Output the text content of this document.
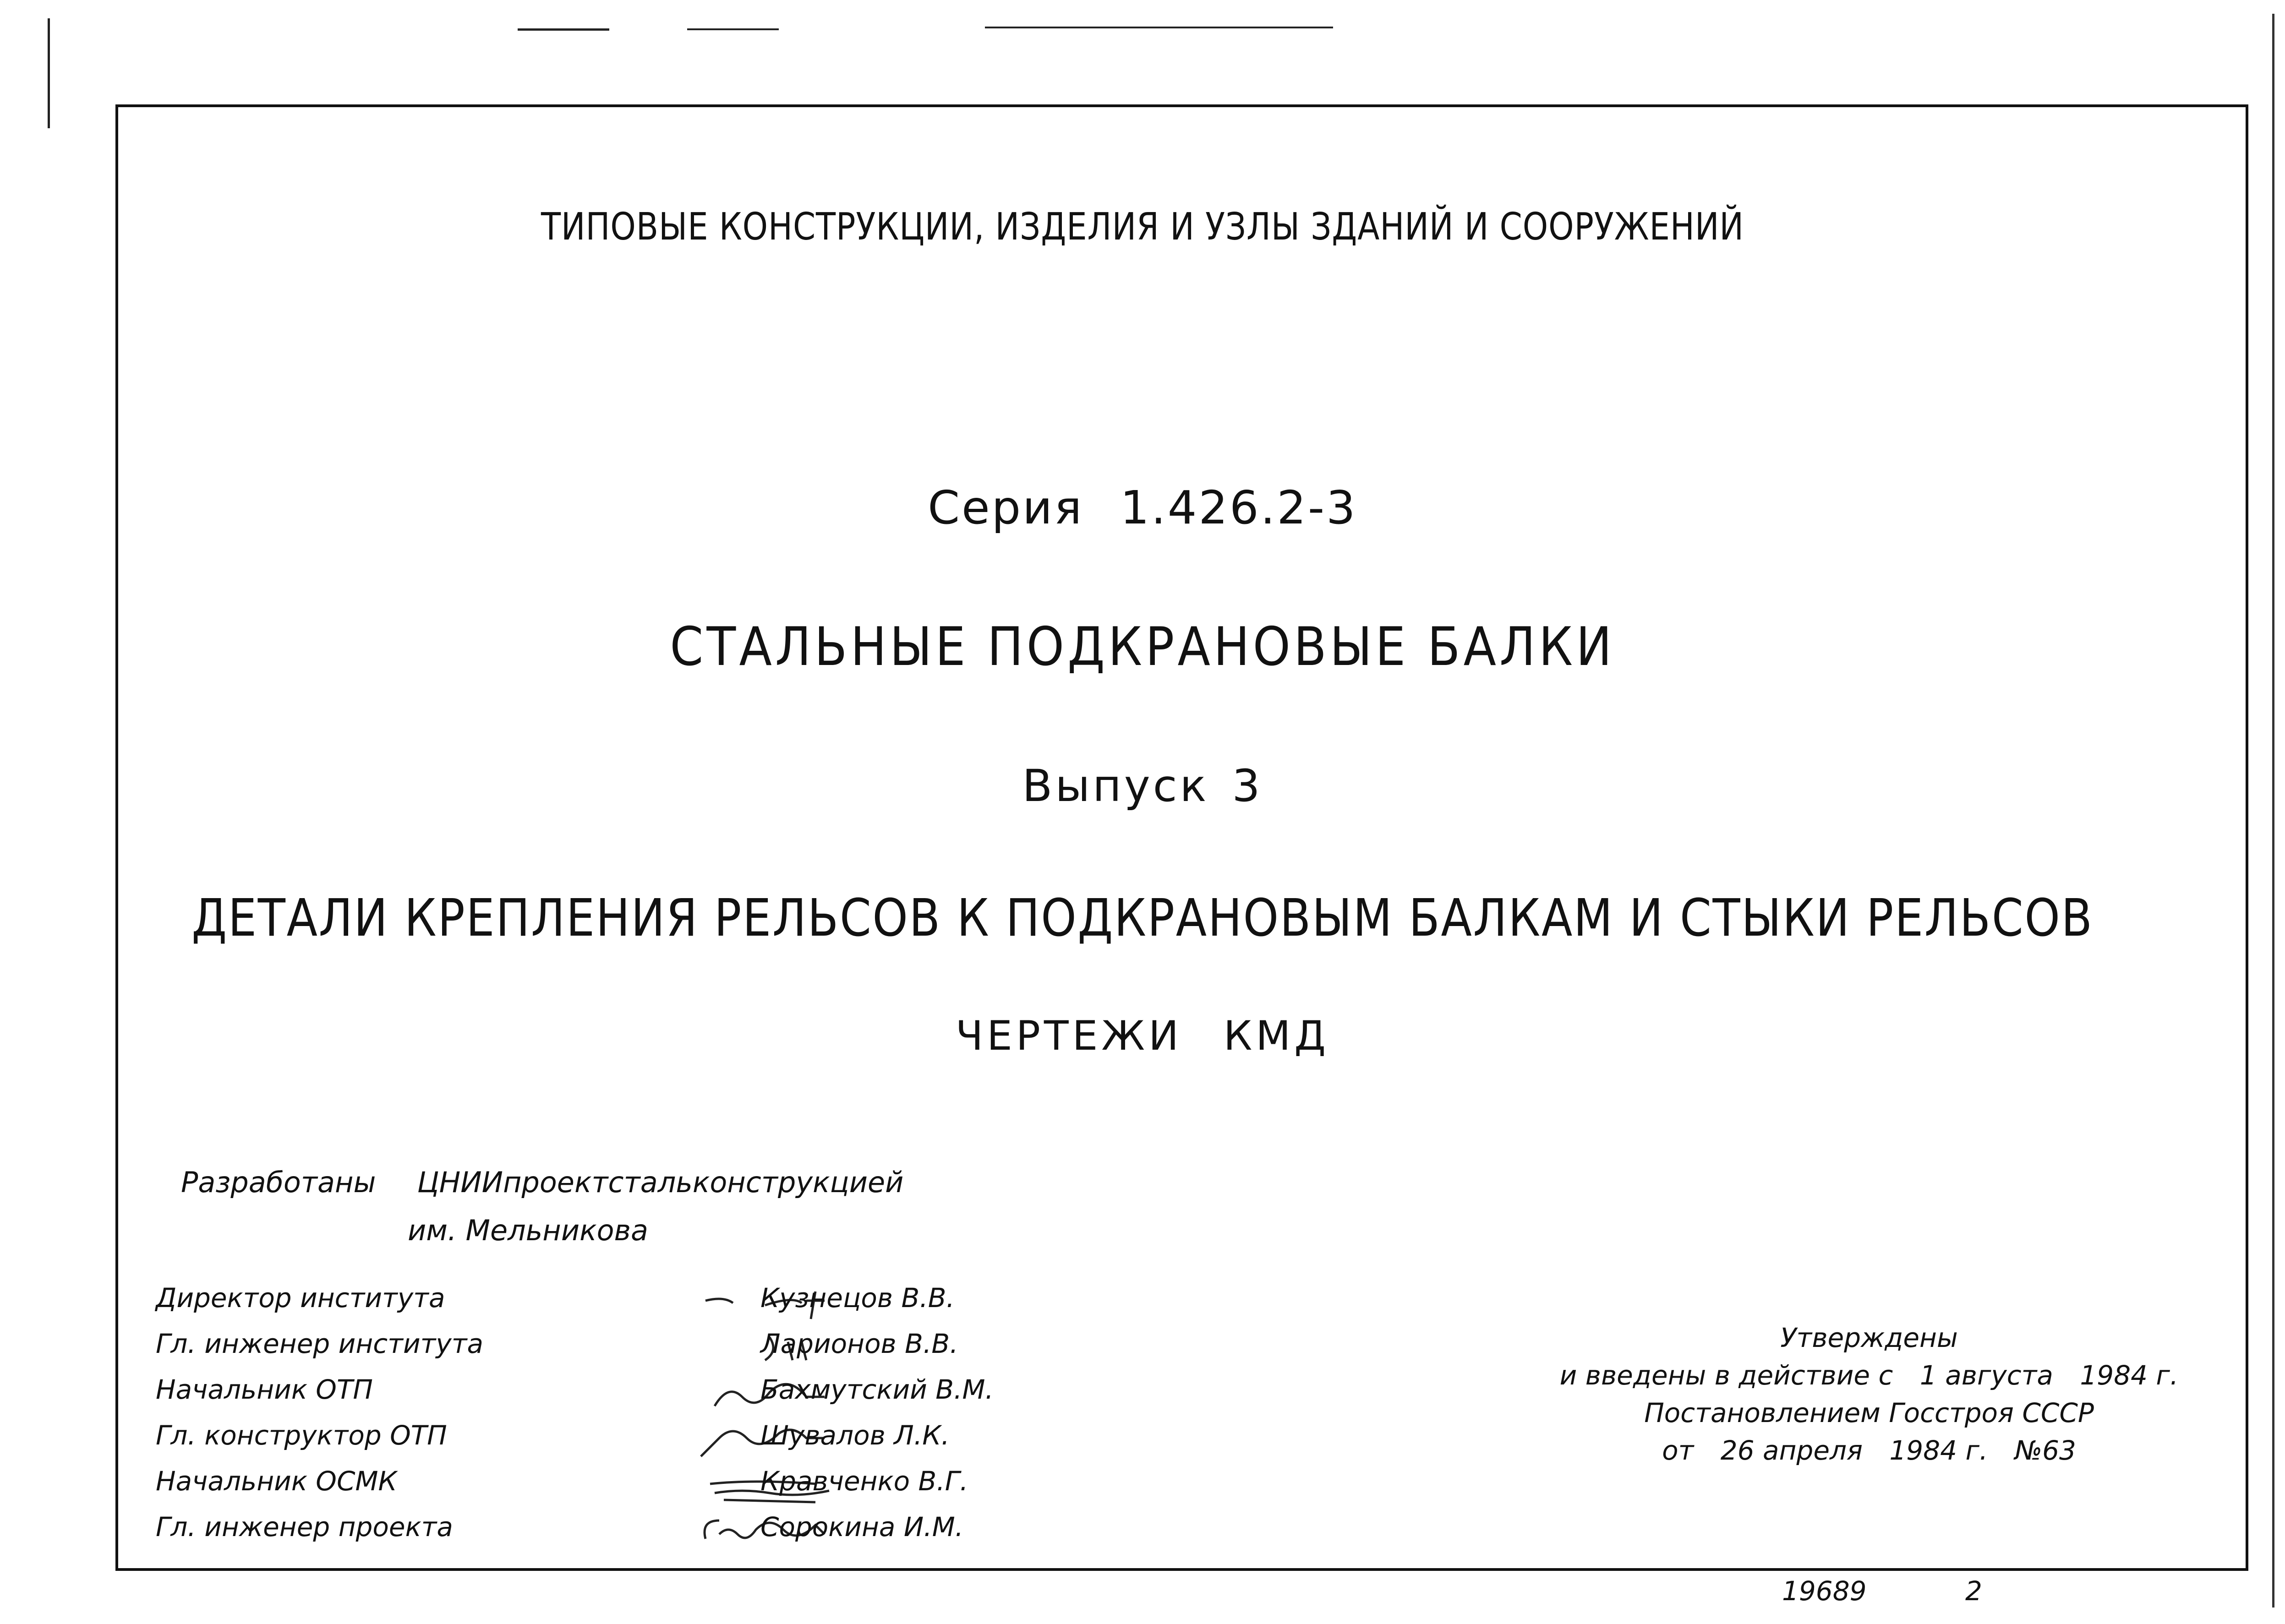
ТИПОВЫЕ КОНСТРУКЦИИ, ИЗДЕЛИЯ И УЗЛЫ ЗДАНИЙ И СООРУЖЕНИЙ
Серия 1.426.2-3
СТАЛЬНЫЕ ПОДКРАНОВЫЕ БАЛКИ
Выпуск 3
ДЕТАЛИ КРЕПЛЕНИЯ РЕЛЬСОВ К ПОДКРАНОВЫМ БАЛКАМ И СТЫКИ РЕЛЬСОВ
ЧЕРТЕЖИ КМД
Разработаны ЦНИИпроектстальконструкцией
им. Мельникова
Директор института	Кузнецов В.В.
Гл. инженер института	Ларионов В.В.
Начальник ОТП	Бахмутский В.М.
Гл. конструктор ОТП	Шувалов Л.К.
Начальник ОСМК	Кравченко В.Г.
Гл. инженер проекта	Сорокина И.М.
Утверждены
и введены в действие с 1 августа 1984 г.
Постановлением Госстроя СССР
от 26 апреля 1984 г. №63
19689	2
